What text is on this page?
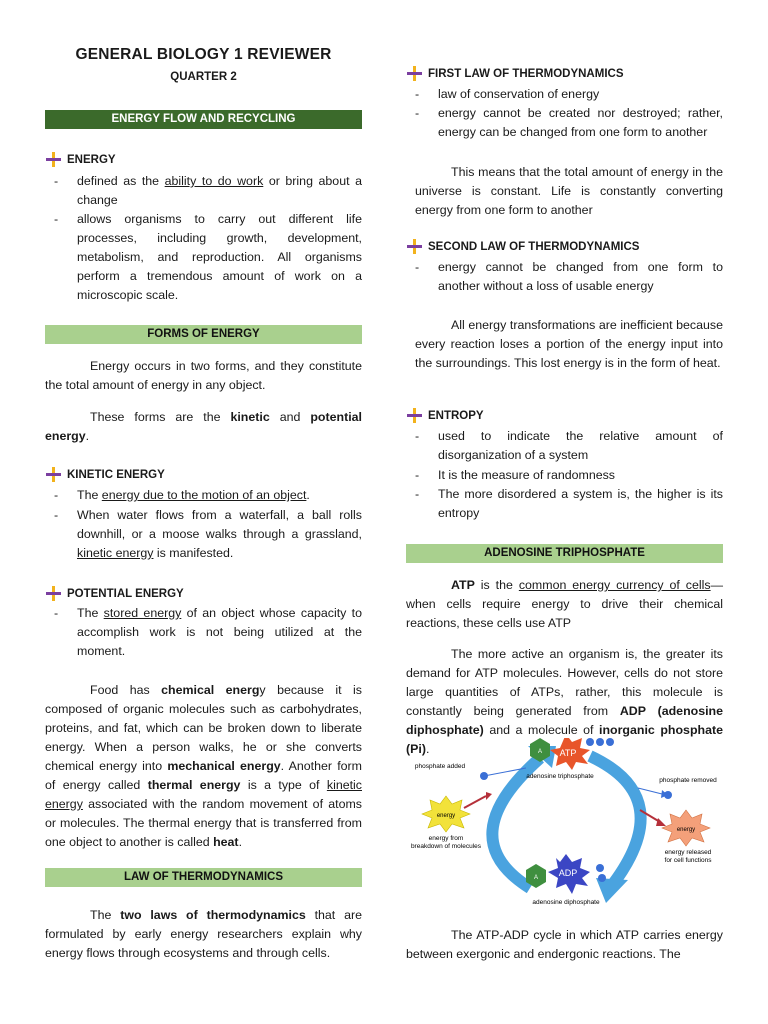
GENERAL BIOLOGY 1 REVIEWER
QUARTER 2
ENERGY FLOW AND RECYCLING
ENERGY
- defined as the ability to do work or bring about a change
- allows organisms to carry out different life processes, including growth, development, metabolism, and reproduction. All organisms perform a tremendous amount of work on a microscopic scale.
FORMS OF ENERGY
Energy occurs in two forms, and they constitute the total amount of energy in any object.
These forms are the kinetic and potential energy.
KINETIC ENERGY
- The energy due to the motion of an object.
- When water flows from a waterfall, a ball rolls downhill, or a moose walks through a grassland, kinetic energy is manifested.
POTENTIAL ENERGY
- The stored energy of an object whose capacity to accomplish work is not being utilized at the moment.
Food has chemical energy because it is composed of organic molecules such as carbohydrates, proteins, and fat, which can be broken down to liberate energy. When a person walks, he or she converts chemical energy into mechanical energy. Another form of energy called thermal energy is a type of kinetic energy associated with the random movement of atoms or molecules. The thermal energy that is transferred from one object to another is called heat.
LAW OF THERMODYNAMICS
The two laws of thermodynamics that are formulated by early energy researchers explain why energy flows through ecosystems and through cells.
FIRST LAW OF THERMODYNAMICS
- law of conservation of energy
- energy cannot be created nor destroyed; rather, energy can be changed from one form to another
This means that the total amount of energy in the universe is constant. Life is constantly converting energy from one form to another
SECOND LAW OF THERMODYNAMICS
- energy cannot be changed from one form to another without a loss of usable energy
All energy transformations are inefficient because every reaction loses a portion of the energy input into the surroundings. This lost energy is in the form of heat.
ENTROPY
- used to indicate the relative amount of disorganization of a system
- It is the measure of randomness
- The more disordered a system is, the higher is its entropy
ADENOSINE TRIPHOSPHATE
ATP is the common energy currency of cells—when cells require energy to drive their chemical reactions, these cells use ATP
The more active an organism is, the greater its demand for ATP molecules. However, cells do not store large quantities of ATPs, rather, this molecule is constantly being generated from ADP (adenosine diphosphate) and a molecule of inorganic phosphate (Pi).
The ATP-ADP cycle in which ATP carries energy between exergonic and endergonic reactions. The
A ATP
adenosine triphosphate
phosphate added
energy
energy from
breakdown of molecules
phosphate removed
energy
energy released
for cell functions
A ADP
adenosine diphosphate
